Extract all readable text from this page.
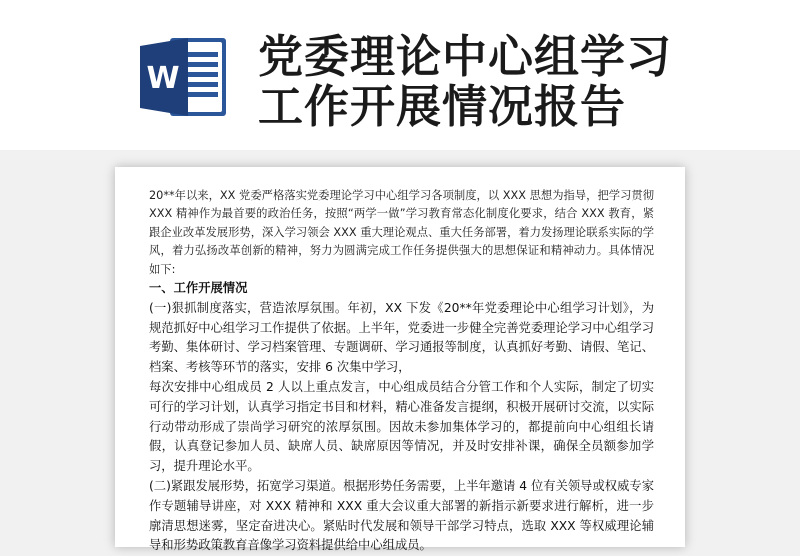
W 党委理论中心组学习
工作开展情况报告

20**年以来，XX 党委严格落实党委理论学习中心组学习各项制度，以 XXX 思想为指导，把学习贯彻 XXX 精神作为最首要的政治任务，按照“两学一做”学习教育常态化制度化要求，结合 XXX 教育，紧跟企业改革发展形势，深入学习领会 XXX 重大理论观点、重大任务部署，着力发扬理论联系实际的学风，着力弘扬改革创新的精神，努力为圆满完成工作任务提供强大的思想保证和精神动力。具体情况如下:

一、工作开展情况

(一)狠抓制度落实，营造浓厚氛围。年初，XX 下发《20**年党委理论中心组学习计划》，为规范抓好中心组学习工作提供了依据。上半年，党委进一步健全完善党委理论学习中心组学习考勤、集体研讨、学习档案管理、专题调研、学习通报等制度，认真抓好考勤、请假、笔记、档案、考核等环节的落实，安排 6 次集中学习，

每次安排中心组成员 2 人以上重点发言，中心组成员结合分管工作和个人实际，制定了切实可行的学习计划，认真学习指定书目和材料，精心准备发言提纲，积极开展研讨交流，以实际行动带动形成了崇尚学习研究的浓厚氛围。因故未参加集体学习的，都提前向中心组组长请假，认真登记参加人员、缺席人员、缺席原因等情况，并及时安排补课，确保全员额参加学习，提升理论水平。

(二)紧跟发展形势，拓宽学习渠道。根据形势任务需要，上半年邀请 4 位有关领导或权威专家作专题辅导讲座，对 XXX 精神和 XXX 重大会议重大部署的新指示新要求进行解析，进一步廓清思想迷雾，坚定奋进决心。紧贴时代发展和领导干部学习特点，选取 XXX 等权威理论辅导和形势政策教育音像学习资料提供给中心组成员。
